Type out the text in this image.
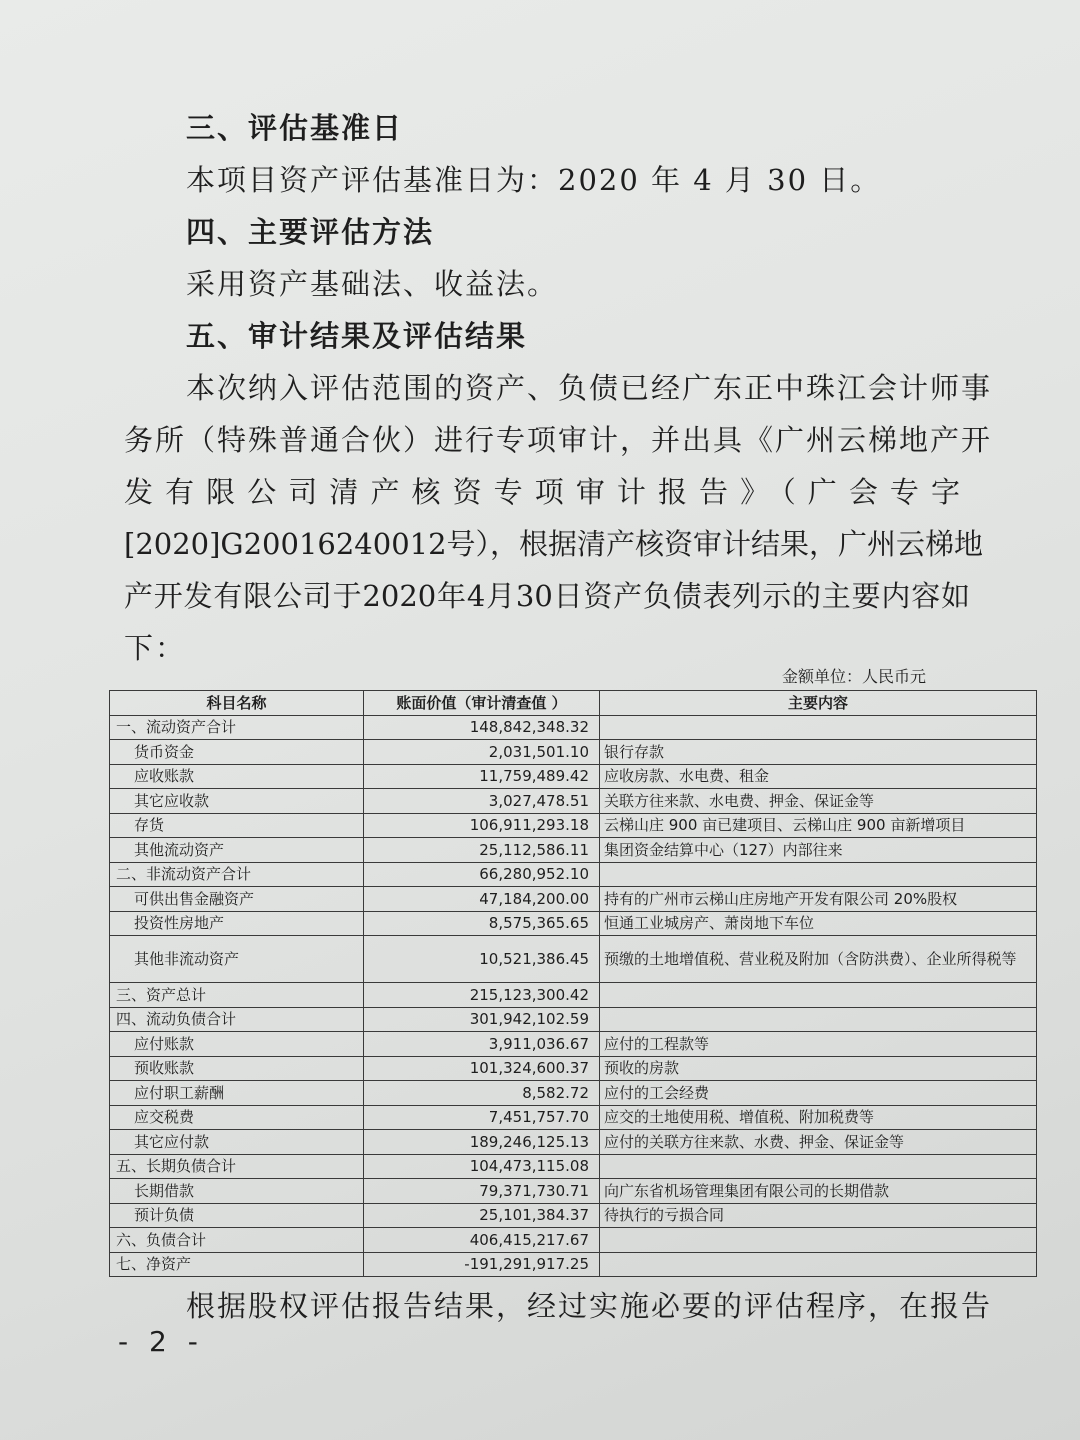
三、评估基准日
本项目资产评估基准日为：2020 年 4 月 30 日。
四、主要评估方法
采用资产基础法、收益法。
五、审计结果及评估结果
本次纳入评估范围的资产、负债已经广东正中珠江会计师事
务所（特殊普通合伙）进行专项审计，并出具《广州云梯地产开
发有限公司清产核资专项审计报告》（广会专字
[2020]G20016240012号），根据清产核资审计结果，广州云梯地
产开发有限公司于2020年4月30日资产负债表列示的主要内容如
下：
金额单位：人民币元
科目名称	账面价值（审计清查值 ）	主要内容
一、流动资产合计	148,842,348.32	
货币资金	2,031,501.10	银行存款
应收账款	11,759,489.42	应收房款、水电费、租金
其它应收款	3,027,478.51	关联方往来款、水电费、押金、保证金等
存货	106,911,293.18	云梯山庄 900 亩已建项目、云梯山庄 900 亩新增项目
其他流动资产	25,112,586.11	集团资金结算中心（127）内部往来
二、非流动资产合计	66,280,952.10	
可供出售金融资产	47,184,200.00	持有的广州市云梯山庄房地产开发有限公司 20%股权
投资性房地产	8,575,365.65	恒通工业城房产、萧岗地下车位
其他非流动资产	10,521,386.45	预缴的土地增值税、营业税及附加（含防洪费）、企业所得税等
三、资产总计	215,123,300.42	
四、流动负债合计	301,942,102.59	
应付账款	3,911,036.67	应付的工程款等
预收账款	101,324,600.37	预收的房款
应付职工薪酬	8,582.72	应付的工会经费
应交税费	7,451,757.70	应交的土地使用税、增值税、附加税费等
其它应付款	189,246,125.13	应付的关联方往来款、水费、押金、保证金等
五、长期负债合计	104,473,115.08	
长期借款	79,371,730.71	向广东省机场管理集团有限公司的长期借款
预计负债	25,101,384.37	待执行的亏损合同
六、负债合计	406,415,217.67	
七、净资产	-191,291,917.25	
根据股权评估报告结果，经过实施必要的评估程序，在报告
- 2 -
